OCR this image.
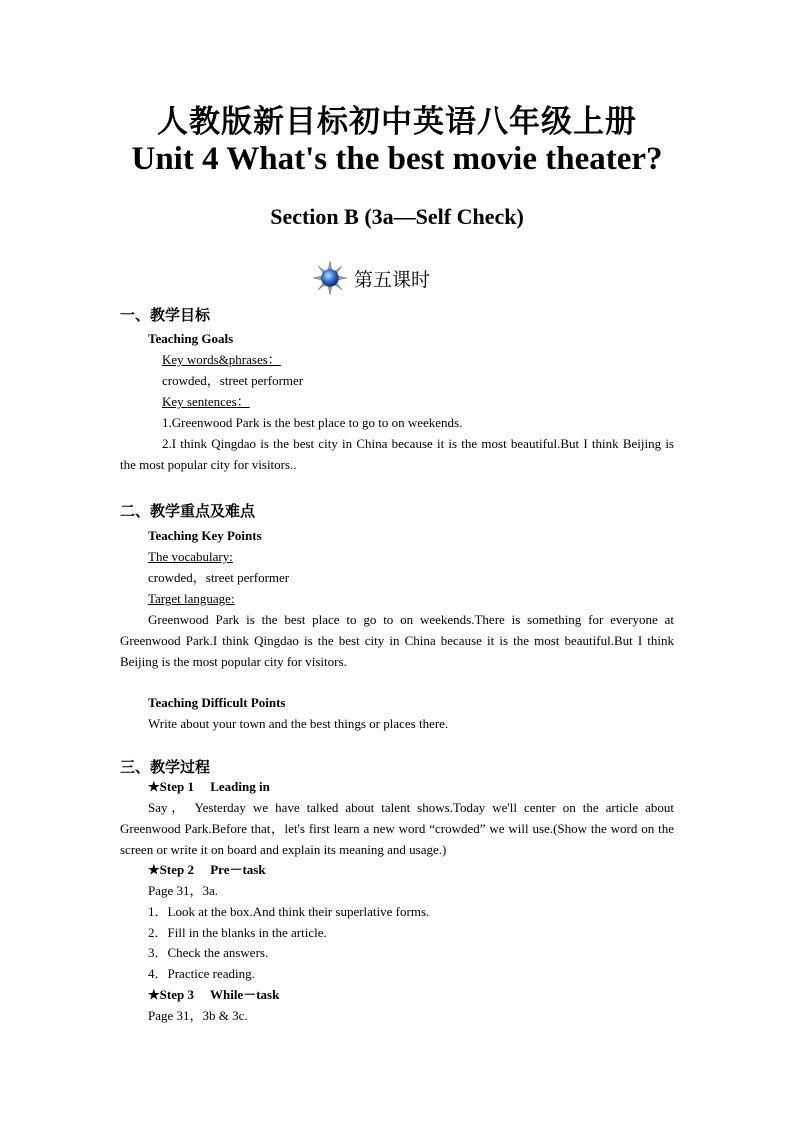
人教版新目标初中英语八年级上册
Unit 4 What's the best movie theater?
Section B (3a—Self Check)
第五课时
一、教学目标
Teaching Goals
Key words&phrases：
crowded，street performer
Key sentences：
1.Greenwood Park is the best place to go to on weekends.
2.I think Qingdao is the best city in China because it is the most beautiful.But I think Beijing is the most popular city for visitors..
二、教学重点及难点
Teaching Key Points
The vocabulary:
crowded，street performer
Target language:
Greenwood Park is the best place to go to on weekends.There is something for everyone at Greenwood Park.I think Qingdao is the best city in China because it is the most beautiful.But I think Beijing is the most popular city for visitors.
Teaching Difficult Points
Write about your town and the best things or places there.
三、教学过程
★Step 1　 Leading in
Say， Yesterday we have talked about talent shows.Today we'll center on the article about Greenwood Park.Before that，let's first learn a new word “crowded” we will use.(Show the word on the screen or write it on board and explain its meaning and usage.)
★Step 2　 Pre－task
Page 31，3a.
1．Look at the box.And think their superlative forms.
2．Fill in the blanks in the article.
3．Check the answers.
4．Practice reading.
★Step 3　 While－task
Page 31，3b & 3c.
